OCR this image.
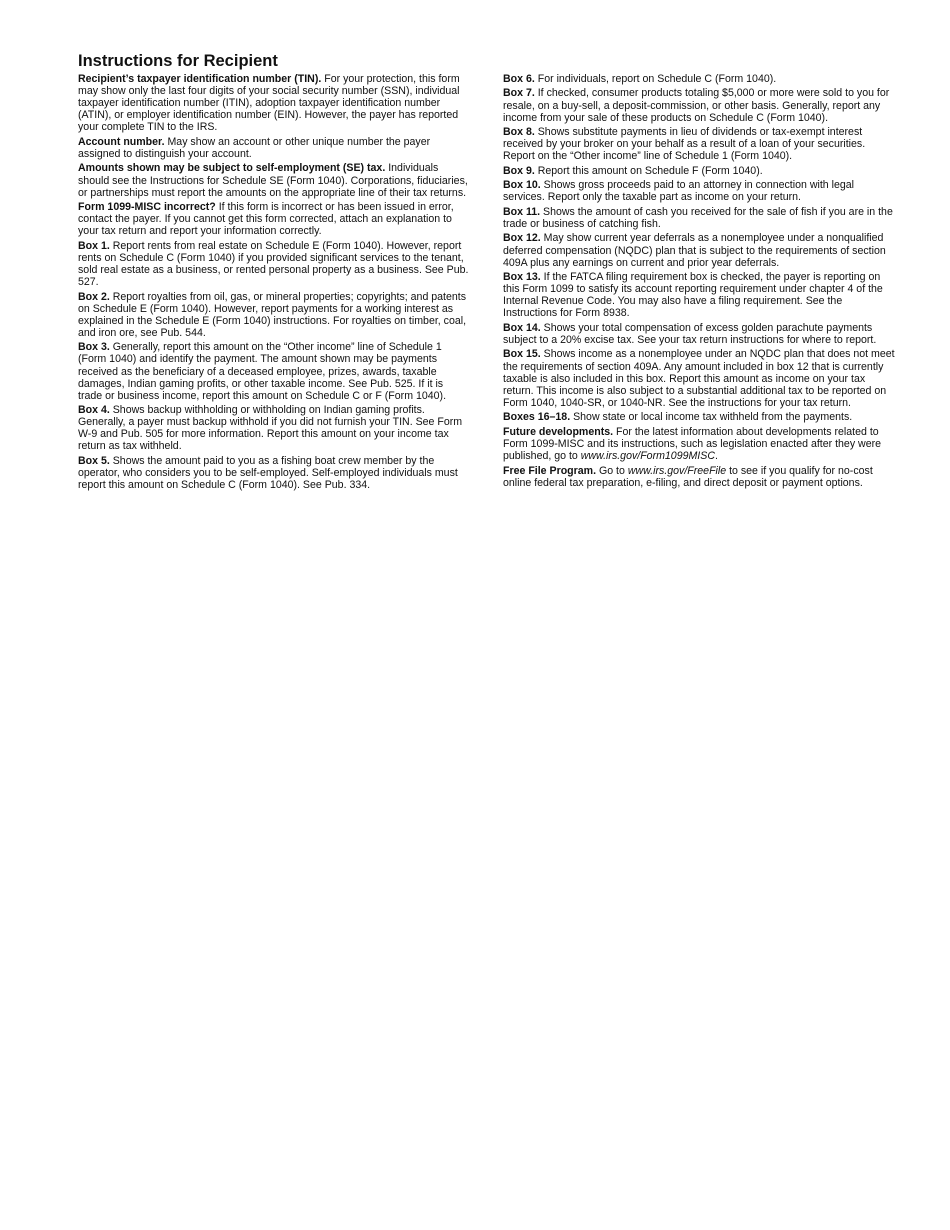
Instructions for Recipient

Recipient’s taxpayer identification number (TIN). For your protection, this form may show only the last four digits of your social security number (SSN), individual taxpayer identification number (ITIN), adoption taxpayer identification number (ATIN), or employer identification number (EIN). However, the payer has reported your complete TIN to the IRS.

Account number. May show an account or other unique number the payer assigned to distinguish your account.

Amounts shown may be subject to self-employment (SE) tax. Individuals should see the Instructions for Schedule SE (Form 1040). Corporations, fiduciaries, or partnerships must report the amounts on the appropriate line of their tax returns.

Form 1099-MISC incorrect? If this form is incorrect or has been issued in error, contact the payer. If you cannot get this form corrected, attach an explanation to your tax return and report your information correctly.

Box 1. Report rents from real estate on Schedule E (Form 1040). However, report rents on Schedule C (Form 1040) if you provided significant services to the tenant, sold real estate as a business, or rented personal property as a business. See Pub. 527.

Box 2. Report royalties from oil, gas, or mineral properties; copyrights; and patents on Schedule E (Form 1040). However, report payments for a working interest as explained in the Schedule E (Form 1040) instructions. For royalties on timber, coal, and iron ore, see Pub. 544.

Box 3. Generally, report this amount on the “Other income” line of Schedule 1 (Form 1040) and identify the payment. The amount shown may be payments received as the beneficiary of a deceased employee, prizes, awards, taxable damages, Indian gaming profits, or other taxable income. See Pub. 525. If it is trade or business income, report this amount on Schedule C or F (Form 1040).

Box 4. Shows backup withholding or withholding on Indian gaming profits. Generally, a payer must backup withhold if you did not furnish your TIN. See Form W-9 and Pub. 505 for more information. Report this amount on your income tax return as tax withheld.

Box 5. Shows the amount paid to you as a fishing boat crew member by the operator, who considers you to be self-employed. Self-employed individuals must report this amount on Schedule C (Form 1040). See Pub. 334.

Box 6. For individuals, report on Schedule C (Form 1040).

Box 7. If checked, consumer products totaling $5,000 or more were sold to you for resale, on a buy-sell, a deposit-commission, or other basis. Generally, report any income from your sale of these products on Schedule C (Form 1040).

Box 8. Shows substitute payments in lieu of dividends or tax-exempt interest received by your broker on your behalf as a result of a loan of your securities. Report on the “Other income” line of Schedule 1 (Form 1040).

Box 9. Report this amount on Schedule F (Form 1040).

Box 10. Shows gross proceeds paid to an attorney in connection with legal services. Report only the taxable part as income on your return.

Box 11. Shows the amount of cash you received for the sale of fish if you are in the trade or business of catching fish.

Box 12. May show current year deferrals as a nonemployee under a nonqualified deferred compensation (NQDC) plan that is subject to the requirements of section 409A plus any earnings on current and prior year deferrals.

Box 13. If the FATCA filing requirement box is checked, the payer is reporting on this Form 1099 to satisfy its account reporting requirement under chapter 4 of the Internal Revenue Code. You may also have a filing requirement. See the Instructions for Form 8938.

Box 14. Shows your total compensation of excess golden parachute payments subject to a 20% excise tax. See your tax return instructions for where to report.

Box 15. Shows income as a nonemployee under an NQDC plan that does not meet the requirements of section 409A. Any amount included in box 12 that is currently taxable is also included in this box. Report this amount as income on your tax return. This income is also subject to a substantial additional tax to be reported on Form 1040, 1040-SR, or 1040-NR. See the instructions for your tax return.

Boxes 16–18. Show state or local income tax withheld from the payments.

Future developments. For the latest information about developments related to Form 1099-MISC and its instructions, such as legislation enacted after they were published, go to www.irs.gov/Form1099MISC.

Free File Program. Go to www.irs.gov/FreeFile to see if you qualify for no-cost online federal tax preparation, e-filing, and direct deposit or payment options.
